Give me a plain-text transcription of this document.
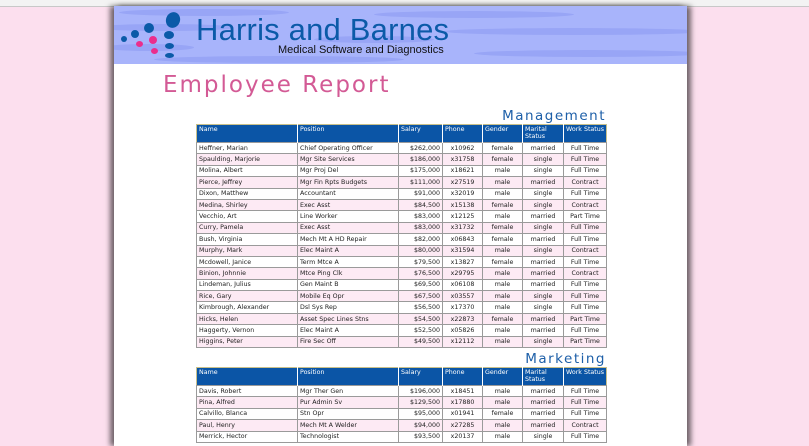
Harris and Barnes
Medical Software and Diagnostics
Employee Report
Management
Name	Position	Salary	Phone	Gender	Marital Status	Work Status
Heffner, Marian	Chief Operating Officer	$262,000	x10962	female	married	Full Time
Spaulding, Marjorie	Mgr Site Services	$186,000	x31758	female	single	Full Time
Molina, Albert	Mgr Proj Del	$175,000	x18621	male	single	Full Time
Pierce, Jeffrey	Mgr Fin Rpts Budgets	$111,000	x27519	male	married	Contract
Dixon, Matthew	Accountant	$91,000	x32019	male	single	Full Time
Medina, Shirley	Exec Asst	$84,500	x15138	female	single	Contract
Vecchio, Art	Line Worker	$83,000	x12125	male	married	Part Time
Curry, Pamela	Exec Asst	$83,000	x31732	female	single	Full Time
Bush, Virginia	Mech Mt A HD Repair	$82,000	x06843	female	married	Full Time
Murphy, Mark	Elec Maint A	$80,000	x31594	male	single	Contract
Mcdowell, Janice	Term Mtce A	$79,500	x13827	female	married	Full Time
Binion, Johnnie	Mtce Ping Clk	$76,500	x29795	male	married	Contract
Lindeman, Julius	Gen Maint B	$69,500	x06108	male	married	Full Time
Rice, Gary	Mobile Eq Opr	$67,500	x03557	male	single	Full Time
Kimbrough, Alexander	Dsl Sys Rep	$56,500	x17370	male	single	Full Time
Hicks, Helen	Asset Spec Lines Stns	$54,500	x22873	female	married	Part Time
Haggerty, Vernon	Elec Maint A	$52,500	x05826	male	married	Full Time
Higgins, Peter	Fire Sec Off	$49,500	x12112	male	single	Part Time
Marketing
Name	Position	Salary	Phone	Gender	Marital Status	Work Status
Davis, Robert	Mgr Ther Gen	$196,000	x18451	male	married	Full Time
Pina, Alfred	Pur Admin Sv	$129,500	x17880	male	married	Full Time
Calvillo, Blanca	Stn Opr	$95,000	x01941	female	married	Full Time
Paul, Henry	Mech Mt A Welder	$94,000	x27285	male	married	Contract
Merrick, Hector	Technologist	$93,500	x20137	male	single	Full Time
